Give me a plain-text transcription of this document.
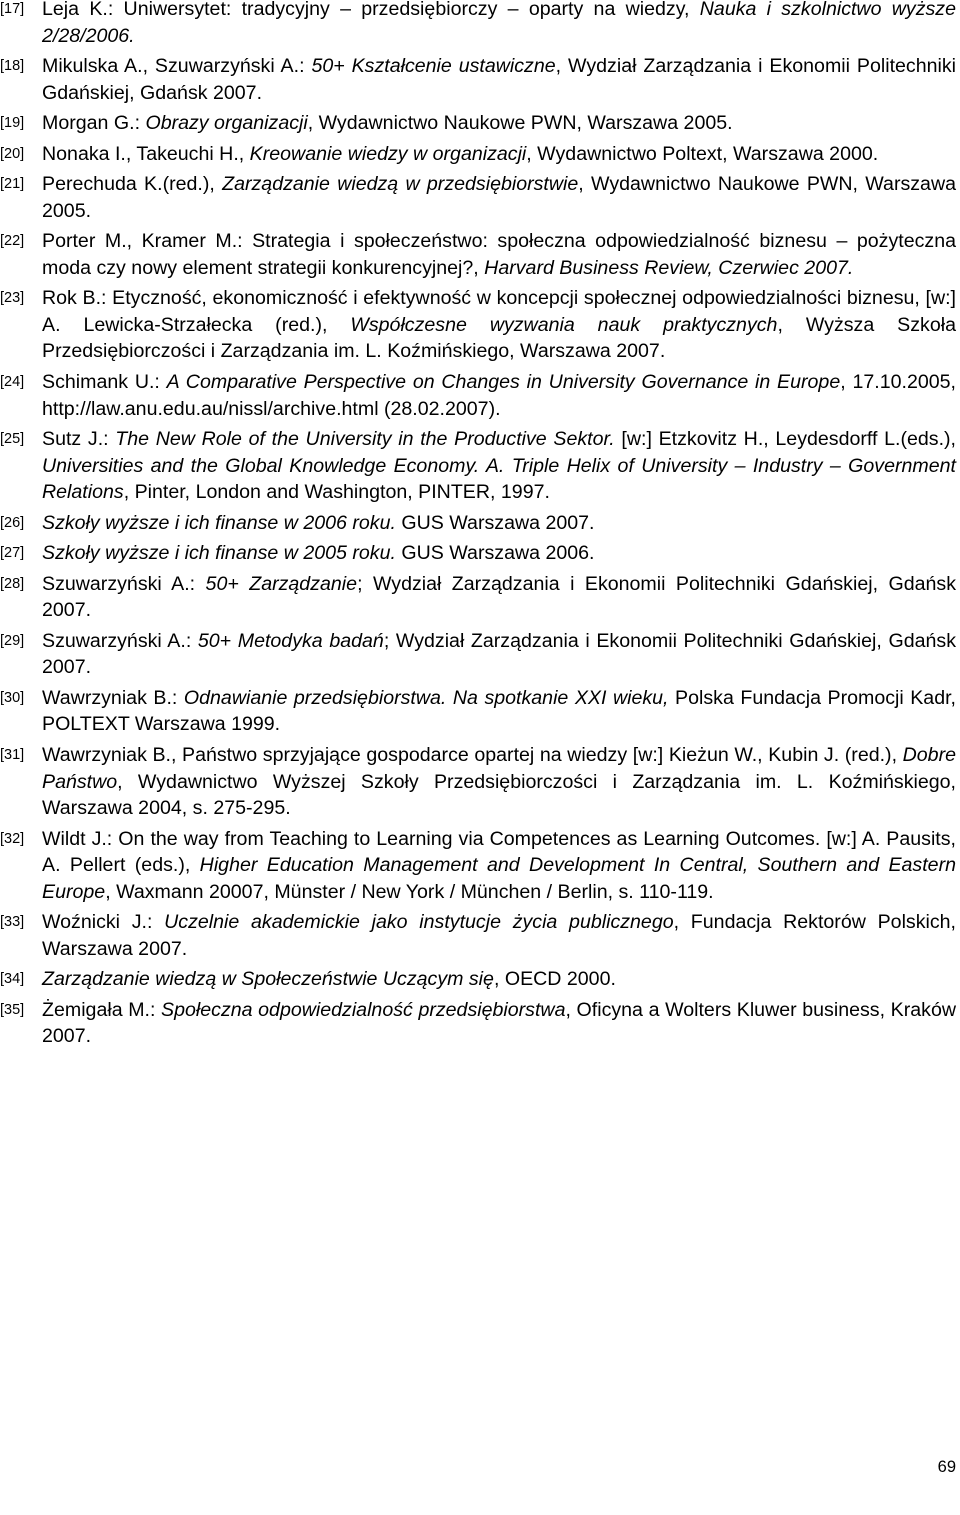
[17] Leja K.: Uniwersytet: tradycyjny – przedsiębiorczy – oparty na wiedzy, Nauka i szkolnictwo wyższe 2/28/2006.
[18] Mikulska A., Szuwarzyński A.: 50+ Kształcenie ustawiczne, Wydział Zarządzania i Ekonomii Politechniki Gdańskiej, Gdańsk 2007.
[19] Morgan G.: Obrazy organizacji, Wydawnictwo Naukowe PWN, Warszawa 2005.
[20] Nonaka I., Takeuchi H., Kreowanie wiedzy w organizacji, Wydawnictwo Poltext, Warszawa 2000.
[21] Perechuda K.(red.), Zarządzanie wiedzą w przedsiębiorstwie, Wydawnictwo Naukowe PWN, Warszawa 2005.
[22] Porter M., Kramer M.: Strategia i społeczeństwo: społeczna odpowiedzialność biznesu – pożyteczna moda czy nowy element strategii konkurencyjnej?, Harvard Business Review, Czerwiec 2007.
[23] Rok B.: Etyczność, ekonomiczność i efektywność w koncepcji społecznej odpowiedzialności biznesu, [w:] A. Lewicka-Strzałecka (red.), Współczesne wyzwania nauk praktycznych, Wyższa Szkoła Przedsiębiorczości i Zarządzania im. L. Koźmińskiego, Warszawa 2007.
[24] Schimank U.: A Comparative Perspective on Changes in University Governance in Europe, 17.10.2005, http://law.anu.edu.au/nissl/archive.html (28.02.2007).
[25] Sutz J.: The New Role of the University in the Productive Sektor. [w:] Etzkovitz H., Leydesdorff L.(eds.), Universities and the Global Knowledge Economy. A. Triple Helix of University – Industry – Government Relations, Pinter, London and Washington, PINTER, 1997.
[26] Szkoły wyższe i ich finanse w 2006 roku. GUS Warszawa 2007.
[27] Szkoły wyższe i ich finanse w 2005 roku. GUS Warszawa 2006.
[28] Szuwarzyński A.: 50+ Zarządzanie; Wydział Zarządzania i Ekonomii Politechniki Gdańskiej, Gdańsk 2007.
[29] Szuwarzyński A.: 50+ Metodyka badań; Wydział Zarządzania i Ekonomii Politechniki Gdańskiej, Gdańsk 2007.
[30] Wawrzyniak B.: Odnawianie przedsiębiorstwa. Na spotkanie XXI wieku, Polska Fundacja Promocji Kadr, POLTEXT Warszawa 1999.
[31] Wawrzyniak B., Państwo sprzyjające gospodarce opartej na wiedzy [w:] Kieżun W., Kubin J. (red.), Dobre Państwo, Wydawnictwo Wyższej Szkoły Przedsiębiorczości i Zarządzania im. L. Koźmińskiego, Warszawa 2004, s. 275-295.
[32] Wildt J.: On the way from Teaching to Learning via Competences as Learning Outcomes. [w:] A. Pausits, A. Pellert (eds.), Higher Education Management and Development In Central, Southern and Eastern Europe, Waxmann 20007, Münster / New York / München / Berlin, s. 110-119.
[33] Woźnicki J.: Uczelnie akademickie jako instytucje życia publicznego, Fundacja Rektorów Polskich, Warszawa 2007.
[34] Zarządzanie wiedzą w Społeczeństwie Uczącym się, OECD 2000.
[35] Żemigała M.: Społeczna odpowiedzialność przedsiębiorstwa, Oficyna a Wolters Kluwer business, Kraków 2007.
69
